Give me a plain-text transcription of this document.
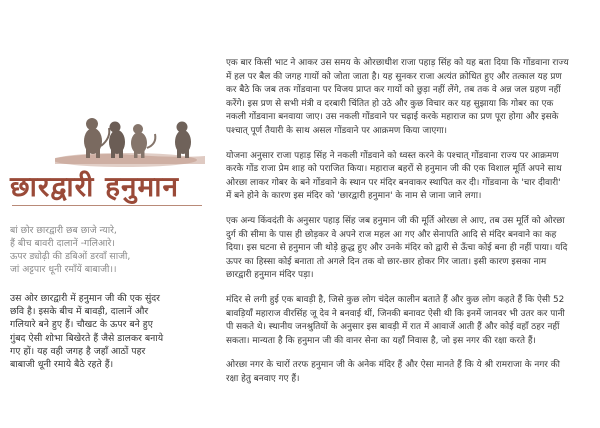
छारद्वारी हनुमान
बां छोर छारद्वारी छब छाजे न्यारे,
हैं बीच बावरी दालानें -गलिआरे।
ऊपर ड्योढ़ी की डबिओं डरवाँ साजी,
जां अट्टपार धूनी रमाँयें बाबाजी।।
उस ओर छारद्वारी में हनुमान जी की एक सुंदर
छवि है। इसके बीच में बावड़ी, दालानें और
गलियारे बने हुए हैं। चौखट के ऊपर बने हुए
गुंबद ऐसी शोभा बिखेरते हैं जैसे डालकर बनाये
गए हों। यह वही जगह है जहाँ आठों पहर
बाबाजी धूनी रमाये बैठे रहते हैं।

एक बार किसी भाट ने आकर उस समय के ओरछाधीश राजा पहाड़ सिंह को यह बता दिया कि गोंडवाना राज्य
में हल पर बैल की जगह गायों को जोता जाता है। यह सुनकर राजा अत्यंत क्रोधित हुए और तत्काल यह प्रण
कर बैठे कि जब तक गोंडवाना पर विजय प्राप्त कर गायों को छुड़ा नहीं लेंगे, तब तक वे अन्न जल ग्रहण नहीं
करेंगे। इस प्रण से सभी मंत्री व दरबारी चिंतित हो उठे और कुछ विचार कर यह सुझाया कि गोबर का एक
नकली गोंडवाना बनवाया जाए। उस नकली गोंडवाने पर चढ़ाई करके महाराज का प्रण पूरा होगा और इसके
पश्चात् पूर्ण तैयारी के साथ असल गोंडवाने पर आक्रमण किया जाएगा।

योजना अनुसार राजा पहाड़ सिंह ने नकली गोंडवाने को ध्वस्त करने के पश्चात् गोंडवाना राज्य पर आक्रमण
करके गोंड राजा प्रेम शाह को पराजित किया। महाराज बहरों से हनुमान जी की एक विशाल मूर्ति अपने साथ
ओरछा लाकर गोबर के बने गोंडवाने के स्थान पर मंदिर बनवाकर स्थापित कर दी। गोंडवाना के 'चार दीवारी'
में बने होने के कारण इस मंदिर को 'छारद्वारी हनुमान' के नाम से जाना जाने लगा।

एक अन्य किंवदंती के अनुसार पहाड़ सिंह जब हनुमान जी की मूर्ति ओरछा ले आए, तब उस मूर्ति को ओरछा
दुर्ग की सीमा के पास ही छोड़कर वे अपने राज महल आ गए और सेनापति आदि से मंदिर बनवाने का कह
दिया। इस घटना से हनुमान जी थोड़े क्रुद्ध हुए और उनके मंदिर को द्वारी से ऊँचा कोई बना ही नहीं पाया। यदि
ऊपर का हिस्सा कोई बनाता तो अगले दिन तक वो छार-छार होकर गिर जाता। इसी कारण इसका नाम
छारद्वारी हनुमान मंदिर पड़ा।

मंदिर से लगी हुई एक बावड़ी है, जिसे कुछ लोग चंदेल कालीन बताते हैं और कुछ लोग कहते हैं कि ऐसी 52
बावड़ियाँ महाराज वीरसिंह जू देव ने बनवाई थीं, जिनकी बनावट ऐसी थी कि इनमें जानवर भी उतर कर पानी
पी सकते थे। स्थानीय जनश्रुतियों के अनुसार इस बावड़ी में रात में आवाजें आती हैं और कोई वहाँ ठहर नहीं
सकता। मान्यता है कि हनुमान जी की वानर सेना का यहाँ निवास है, जो इस नगर की रक्षा करते हैं।

ओरछा नगर के चारों तरफ हनुमान जी के अनेक मंदिर हैं और ऐसा मानते हैं कि ये श्री रामराजा के नगर की
रक्षा हेतु बनवाए गए हैं।
